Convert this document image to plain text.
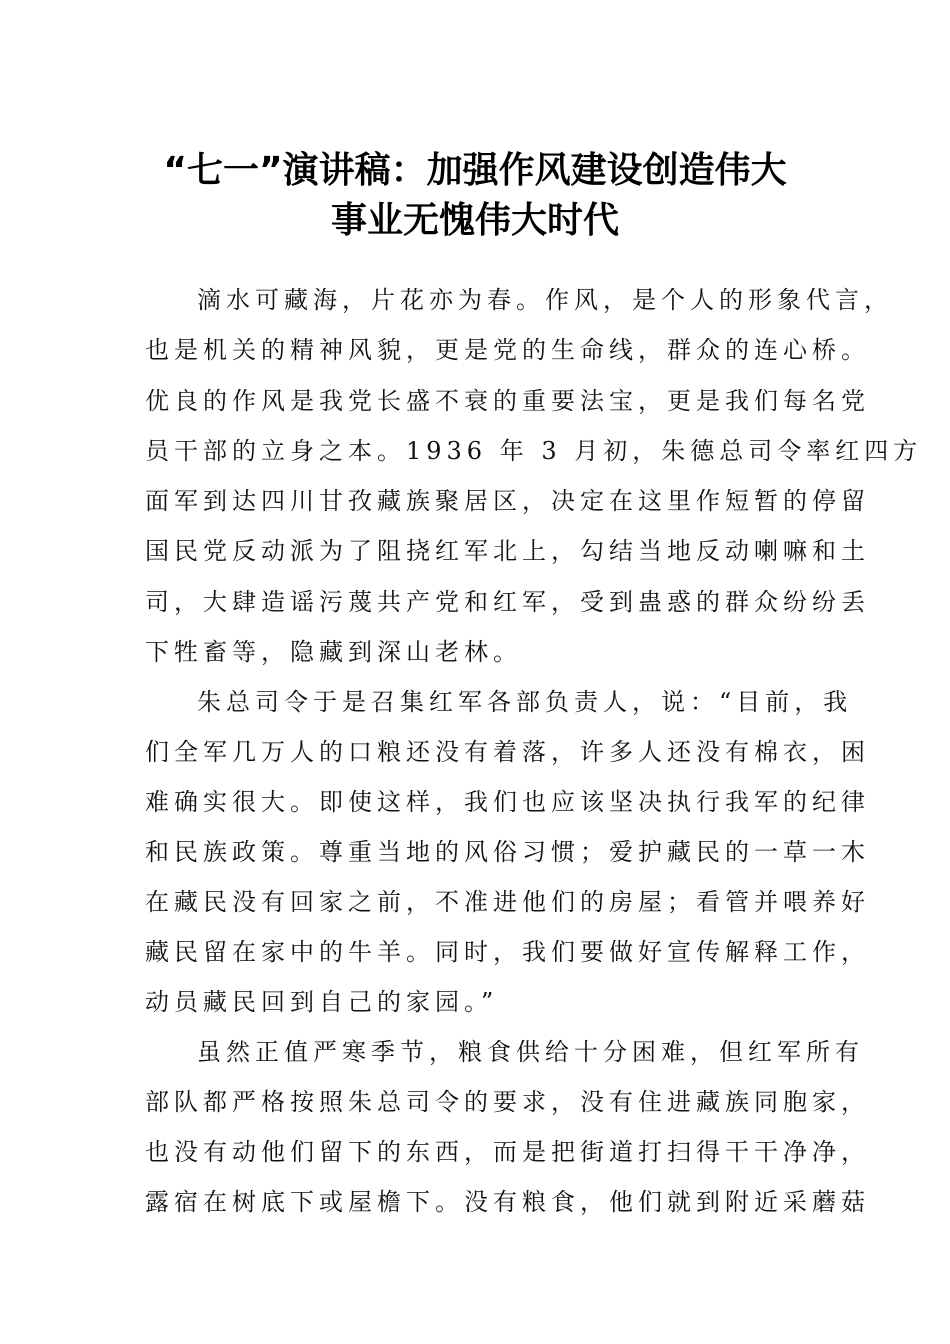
“七一”演讲稿：加强作风建设创造伟大
事业无愧伟大时代
滴水可藏海，片花亦为春。作风，是个人的形象代言，
也是机关的精神风貌，更是党的生命线，群众的连心桥。
优良的作风是我党长盛不衰的重要法宝，更是我们每名党
员干部的立身之本。1936 年 3 月初，朱德总司令率红四方
面军到达四川甘孜藏族聚居区，决定在这里作短暂的停留
国民党反动派为了阻挠红军北上，勾结当地反动喇嘛和土
司，大肆造谣污蔑共产党和红军，受到蛊惑的群众纷纷丢
下牲畜等，隐藏到深山老林。
朱总司令于是召集红军各部负责人，说：“目前，我
们全军几万人的口粮还没有着落，许多人还没有棉衣，困
难确实很大。即使这样，我们也应该坚决执行我军的纪律
和民族政策。尊重当地的风俗习惯；爱护藏民的一草一木
在藏民没有回家之前，不准进他们的房屋；看管并喂养好
藏民留在家中的牛羊。同时，我们要做好宣传解释工作，
动员藏民回到自己的家园。”
虽然正值严寒季节，粮食供给十分困难，但红军所有
部队都严格按照朱总司令的要求，没有住进藏族同胞家，
也没有动他们留下的东西，而是把街道打扫得干干净净，
露宿在树底下或屋檐下。没有粮食，他们就到附近采蘑菇
